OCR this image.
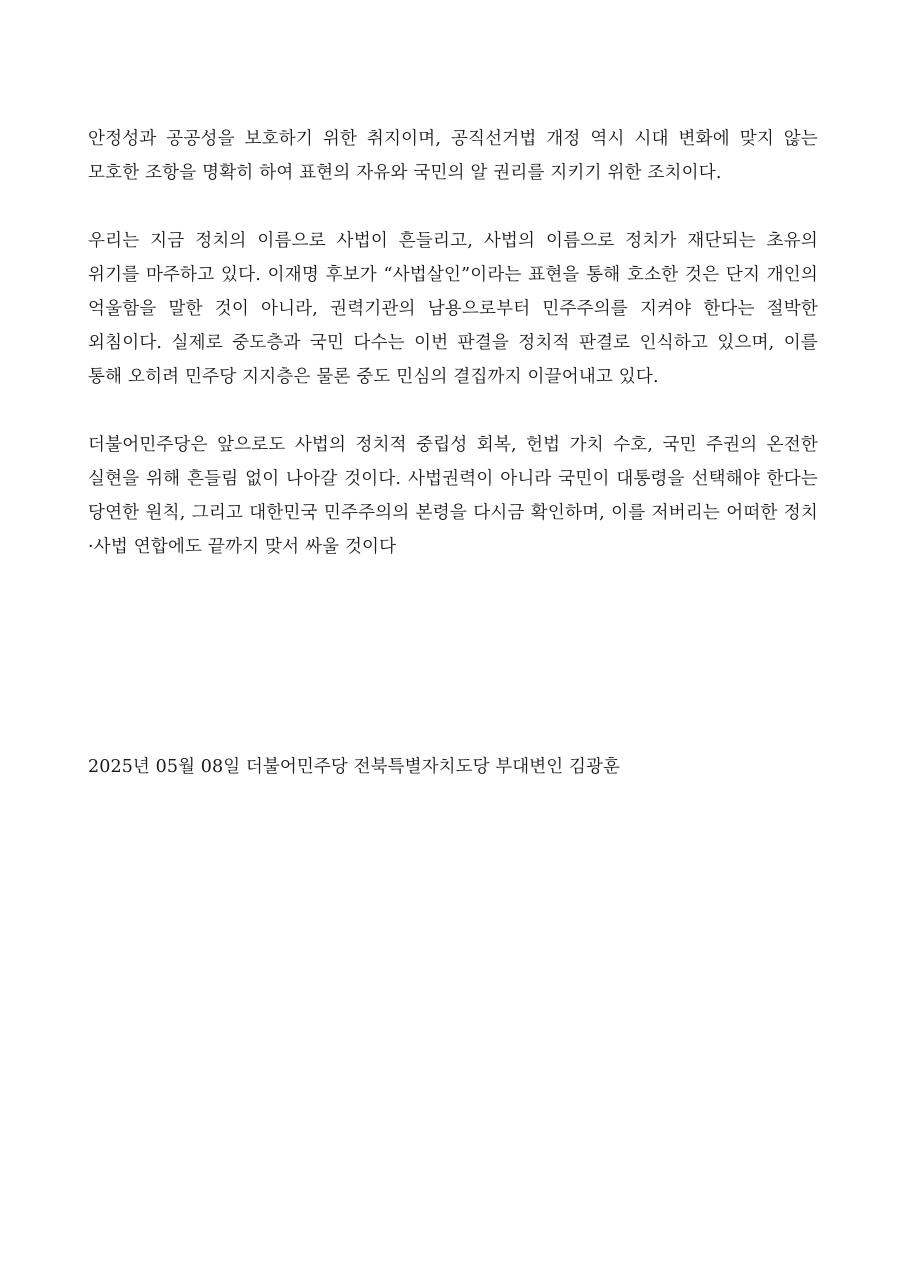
안정성과 공공성을 보호하기 위한 취지이며, 공직선거법 개정 역시 시대 변화에 맞지 않는 모호한 조항을 명확히 하여 표현의 자유와 국민의 알 권리를 지키기 위한 조치이다.

우리는 지금 정치의 이름으로 사법이 흔들리고, 사법의 이름으로 정치가 재단되는 초유의 위기를 마주하고 있다. 이재명 후보가 “사법살인”이라는 표현을 통해 호소한 것은 단지 개인의 억울함을 말한 것이 아니라, 권력기관의 남용으로부터 민주주의를 지켜야 한다는 절박한 외침이다. 실제로 중도층과 국민 다수는 이번 판결을 정치적 판결로 인식하고 있으며, 이를 통해 오히려 민주당 지지층은 물론 중도 민심의 결집까지 이끌어내고 있다.

더불어민주당은 앞으로도 사법의 정치적 중립성 회복, 헌법 가치 수호, 국민 주권의 온전한 실현을 위해 흔들림 없이 나아갈 것이다. 사법권력이 아니라 국민이 대통령을 선택해야 한다는 당연한 원칙, 그리고 대한민국 민주주의의 본령을 다시금 확인하며, 이를 저버리는 어떠한 정치·사법 연합에도 끝까지 맞서 싸울 것이다

2025년 05월 08일 더불어민주당 전북특별자치도당 부대변인 김광훈
